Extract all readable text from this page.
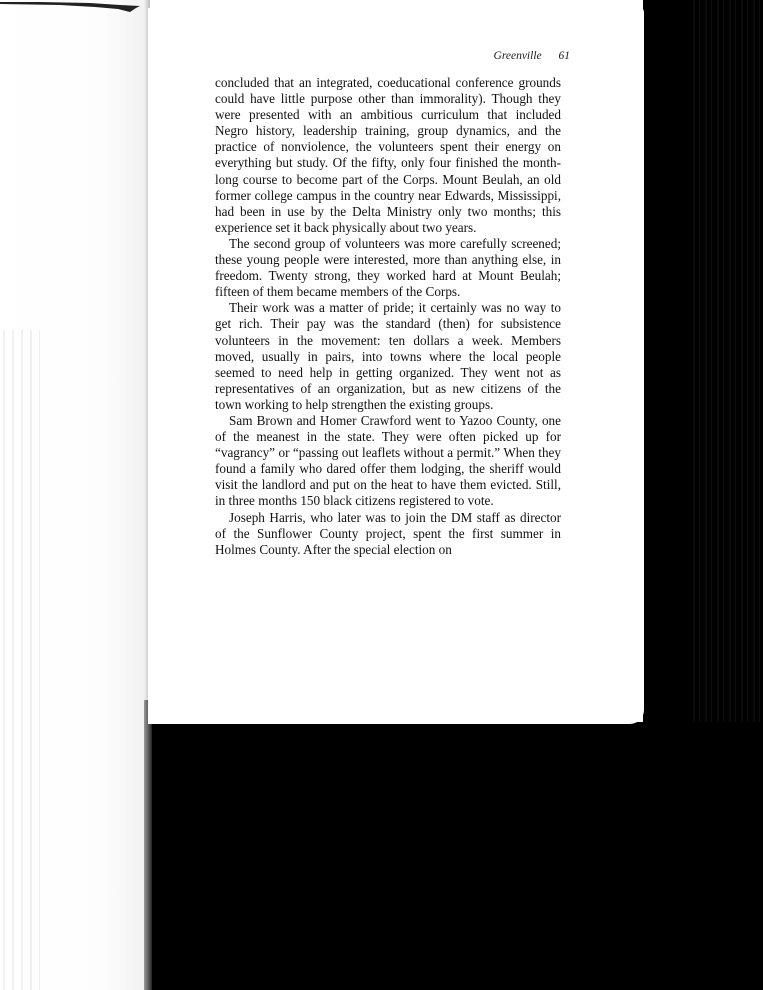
Greenville 61

concluded that an integrated, coeducational conference grounds could have little purpose other than immorality). Though they were presented with an ambitious curriculum that included Negro history, leadership training, group dynamics, and the practice of nonviolence, the volunteers spent their energy on everything but study. Of the fifty, only four finished the month-long course to become part of the Corps. Mount Beulah, an old former college campus in the country near Edwards, Mississippi, had been in use by the Delta Ministry only two months; this experience set it back physically about two years.

The second group of volunteers was more carefully screened; these young people were interested, more than anything else, in freedom. Twenty strong, they worked hard at Mount Beulah; fifteen of them became members of the Corps.

Their work was a matter of pride; it certainly was no way to get rich. Their pay was the standard (then) for subsistence volunteers in the movement: ten dollars a week. Members moved, usually in pairs, into towns where the local people seemed to need help in getting organized. They went not as representatives of an organization, but as new citizens of the town working to help strengthen the existing groups.

Sam Brown and Homer Crawford went to Yazoo County, one of the meanest in the state. They were often picked up for “vagrancy” or “passing out leaflets without a permit.” When they found a family who dared offer them lodging, the sheriff would visit the landlord and put on the heat to have them evicted. Still, in three months 150 black citizens registered to vote.

Joseph Harris, who later was to join the DM staff as director of the Sunflower County project, spent the first summer in Holmes County. After the special election on
